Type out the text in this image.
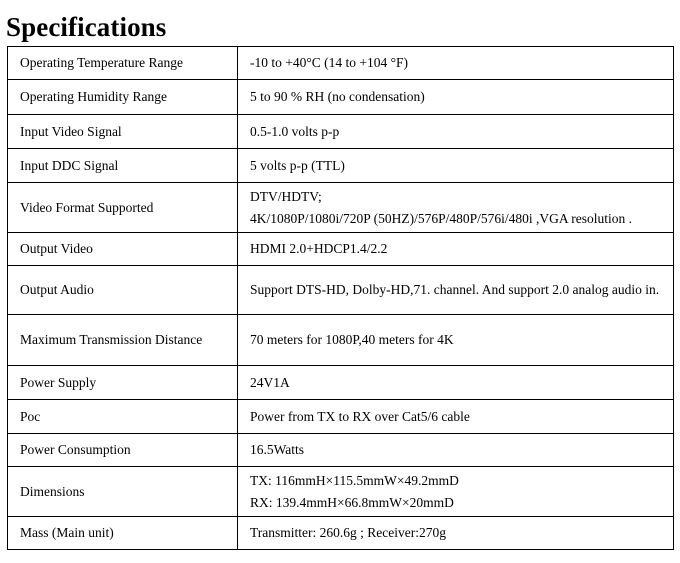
Specifications
Operating Temperature Range	-10 to +40°C (14 to +104 °F)

Operating Humidity Range	5 to 90 % RH (no condensation)

Input Video Signal	0.5-1.0 volts p-p

Input DDC Signal	5 volts p-p (TTL)

Video Format Supported	DTV/HDTV;
4K/1080P/1080i/720P (50HZ)/576P/480P/576i/480i ,VGA resolution .

Output Video	HDMI 2.0+HDCP1.4/2.2

Output Audio	Support DTS-HD, Dolby-HD,71. channel. And support 2.0 analog audio in.
Maximum Transmission Distance	70 meters for 1080P,40 meters for 4K

Power Supply	24V1A

Poc	Power from TX to RX over Cat5/6 cable

Power Consumption	16.5Watts

Dimensions	TX: 116mmH×115.5mmW×49.2mmD
RX: 139.4mmH×66.8mmW×20mmD

Mass (Main unit)	Transmitter: 260.6g ; Receiver:270g
